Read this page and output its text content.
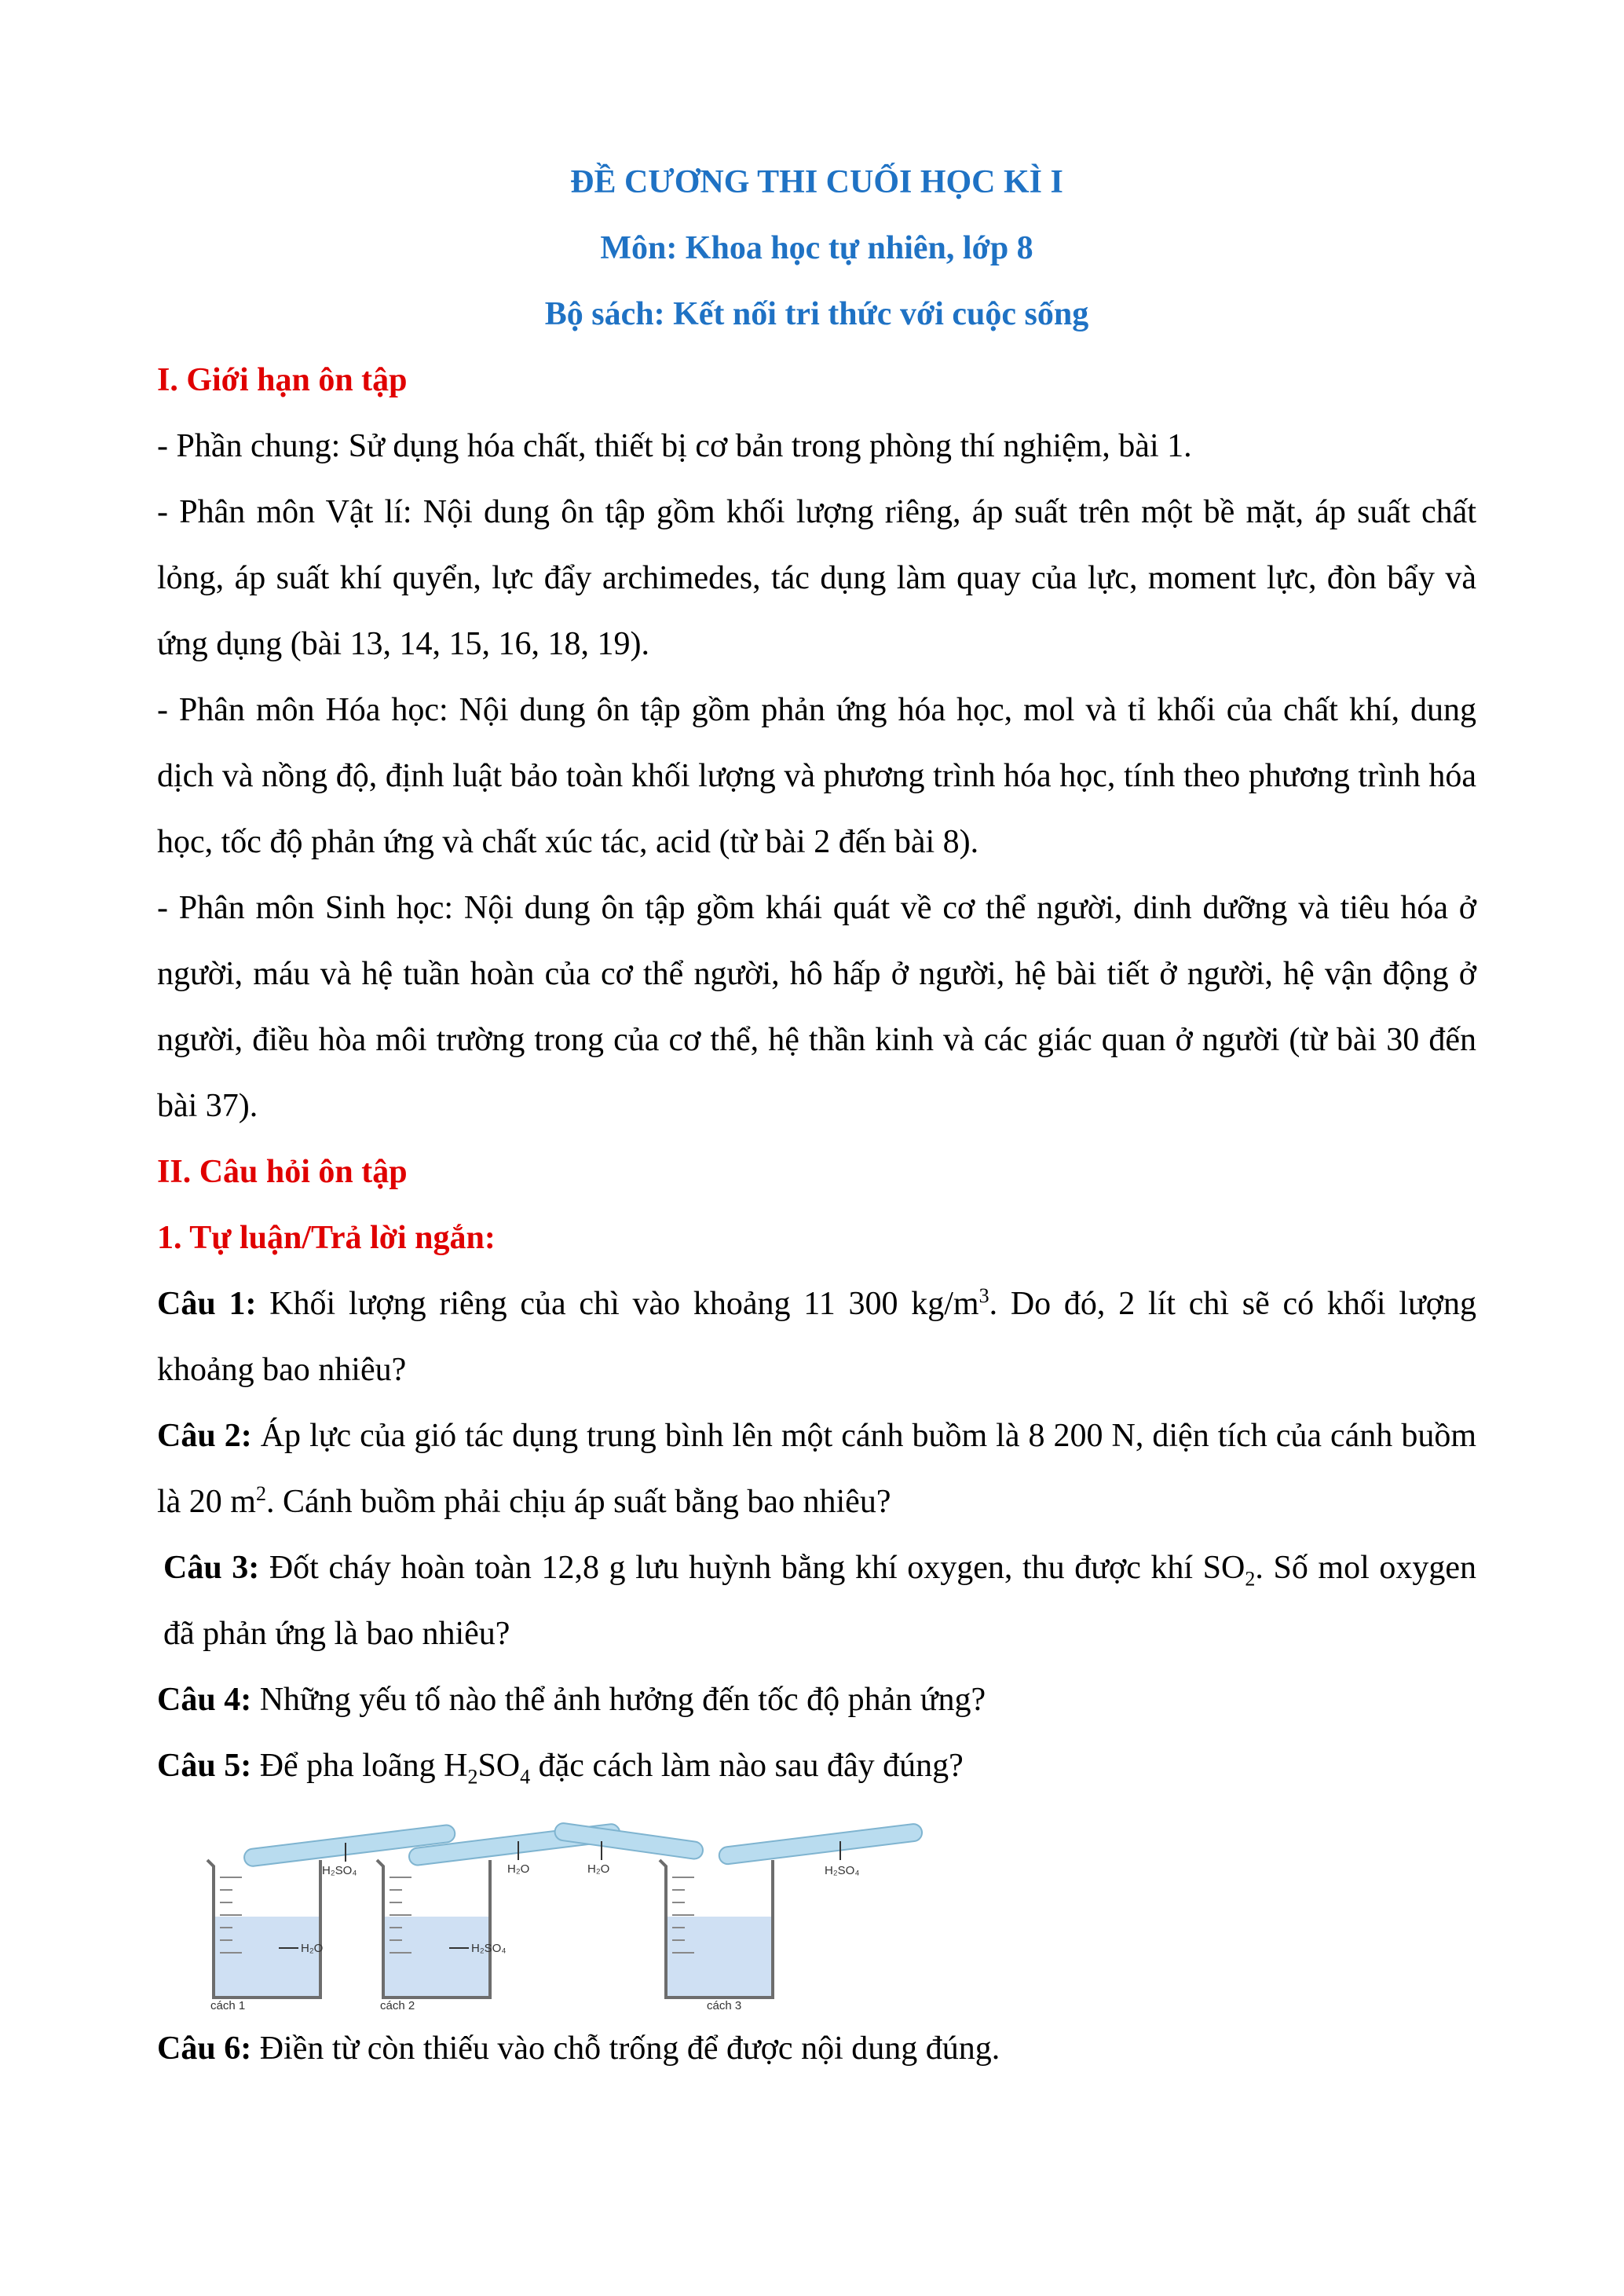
ĐỀ CƯƠNG THI CUỐI HỌC KÌ I
Môn: Khoa học tự nhiên, lớp 8
Bộ sách: Kết nối tri thức với cuộc sống
I. Giới hạn ôn tập
- Phần chung: Sử dụng hóa chất, thiết bị cơ bản trong phòng thí nghiệm, bài 1.
- Phân môn Vật lí: Nội dung ôn tập gồm khối lượng riêng, áp suất trên một bề mặt, áp suất chất lỏng, áp suất khí quyển, lực đẩy archimedes, tác dụng làm quay của lực, moment lực, đòn bẩy và ứng dụng (bài 13, 14, 15, 16, 18, 19).
- Phân môn Hóa học: Nội dung ôn tập gồm phản ứng hóa học, mol và tỉ khối của chất khí, dung dịch và nồng độ, định luật bảo toàn khối lượng và phương trình hóa học, tính theo phương trình hóa học, tốc độ phản ứng và chất xúc tác, acid (từ bài 2 đến bài 8).
- Phân môn Sinh học: Nội dung ôn tập gồm khái quát về cơ thể người, dinh dưỡng và tiêu hóa ở người, máu và hệ tuần hoàn của cơ thể người, hô hấp ở người, hệ bài tiết ở người, hệ vận động ở người, điều hòa môi trường trong của cơ thể, hệ thần kinh và các giác quan ở người (từ bài 30 đến bài 37).
II. Câu hỏi ôn tập
1. Tự luận/Trả lời ngắn:
Câu 1: Khối lượng riêng của chì vào khoảng 11 300 $kg/m^3$. Do đó, 2 lít chì sẽ có khối lượng khoảng bao nhiêu?
Câu 2: Áp lực của gió tác dụng trung bình lên một cánh buồm là 8 200 N, diện tích của cánh buồm là 20 $m^2$. Cánh buồm phải chịu áp suất bằng bao nhiêu?
Câu 3: Đốt cháy hoàn toàn 12,8 g lưu huỳnh bằng khí oxygen, thu được khí $SO_2$. Số mol oxygen đã phản ứng là bao nhiêu?
Câu 4: Những yếu tố nào thể ảnh hưởng đến tốc độ phản ứng?
Câu 5: Để pha loãng $H_2SO_4$ đặc cách làm nào sau đây đúng?
H₂O
H₂SO₄
cách 1
H₂SO₄
H₂O
cách 2
H₂O	H₂SO₄
cách 3
Câu 6: Điền từ còn thiếu vào chỗ trống để được nội dung đúng.
